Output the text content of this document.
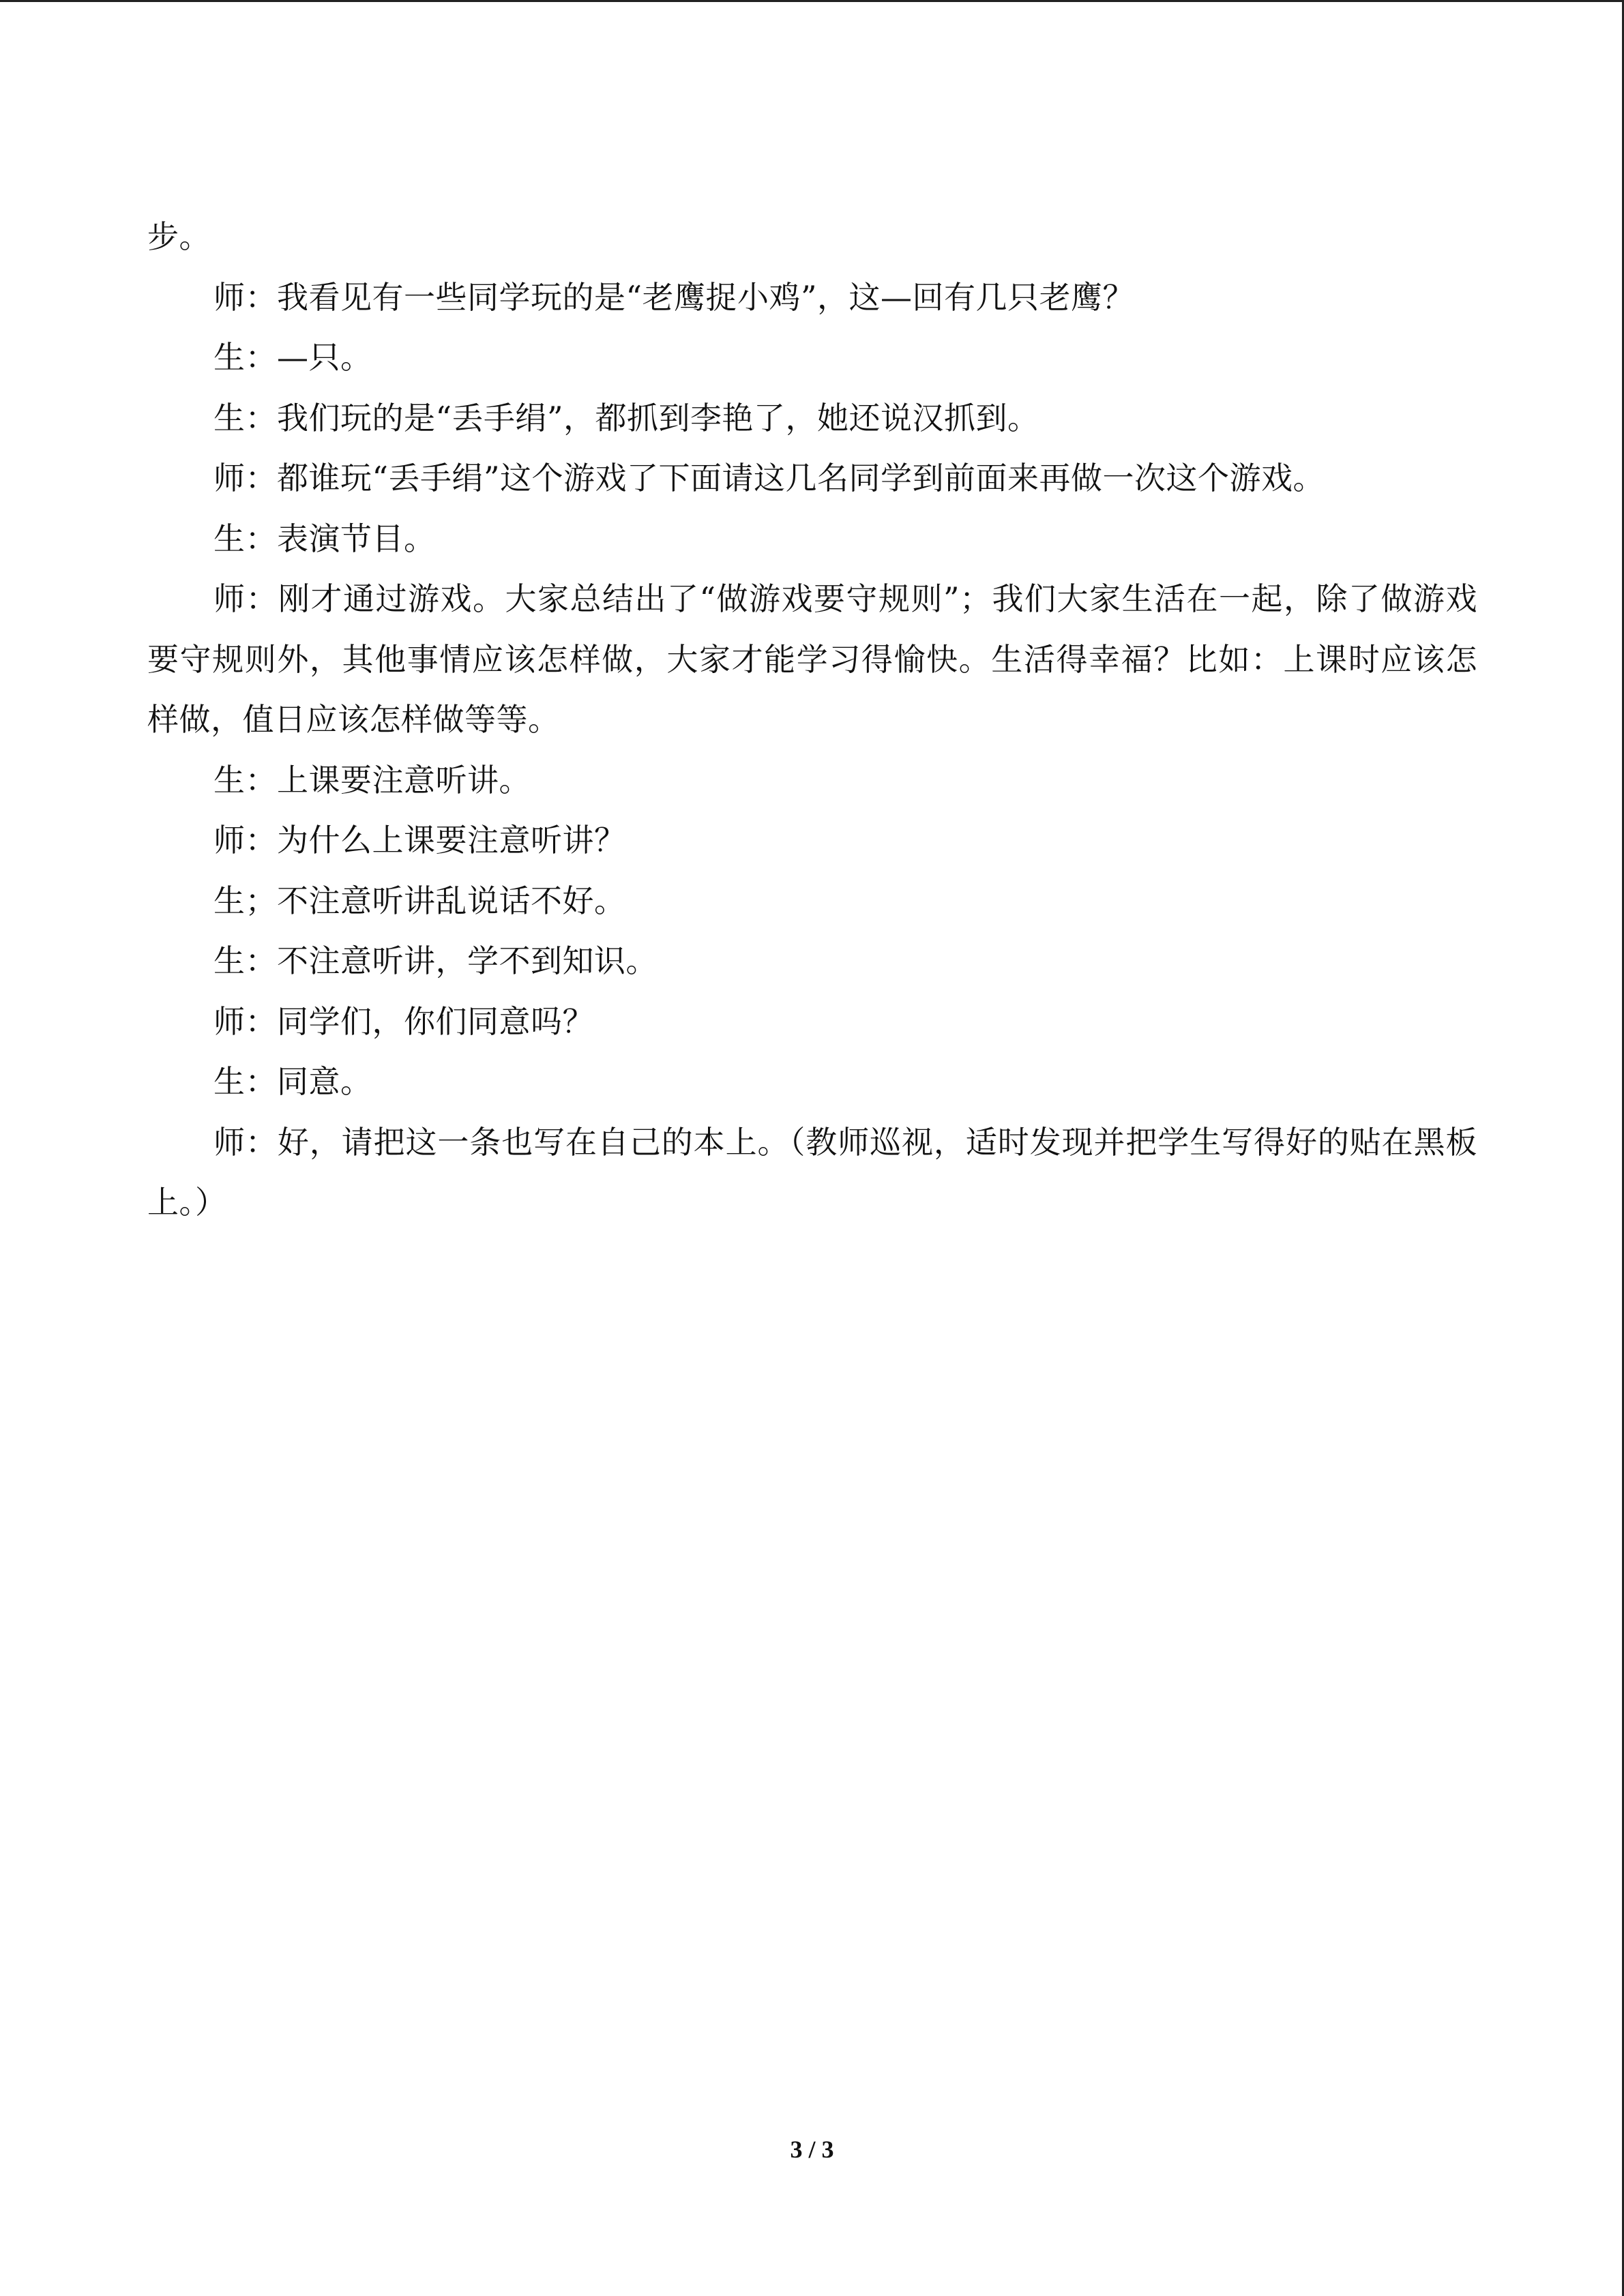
步。

师：我看见有一些同学玩的是“老鹰捉小鸡”，这—回有几只老鹰？

生：—只。

生：我们玩的是“丢手绢”，都抓到李艳了，她还说汉抓到。

师：都谁玩“丢手绢”这个游戏了下面请这几名同学到前面来再做一次这个游戏。

生：表演节目。

师：刚才通过游戏。大家总结出了“做游戏要守规则”；我们大家生活在一起，除了做游戏要守规则外，其他事情应该怎样做，大家才能学习得愉快。生活得幸福？比如：上课时应该怎样做，值日应该怎样做等等。

生：上课要注意听讲。

师：为什么上课要注意听讲？

生；不注意听讲乱说话不好。

生：不注意听讲，学不到知识。

师：同学们，你们同意吗？

生：同意。

师：好，请把这一条也写在自己的本上。（教师巡视，适时发现并把学生写得好的贴在黑板上。）

3 / 3
